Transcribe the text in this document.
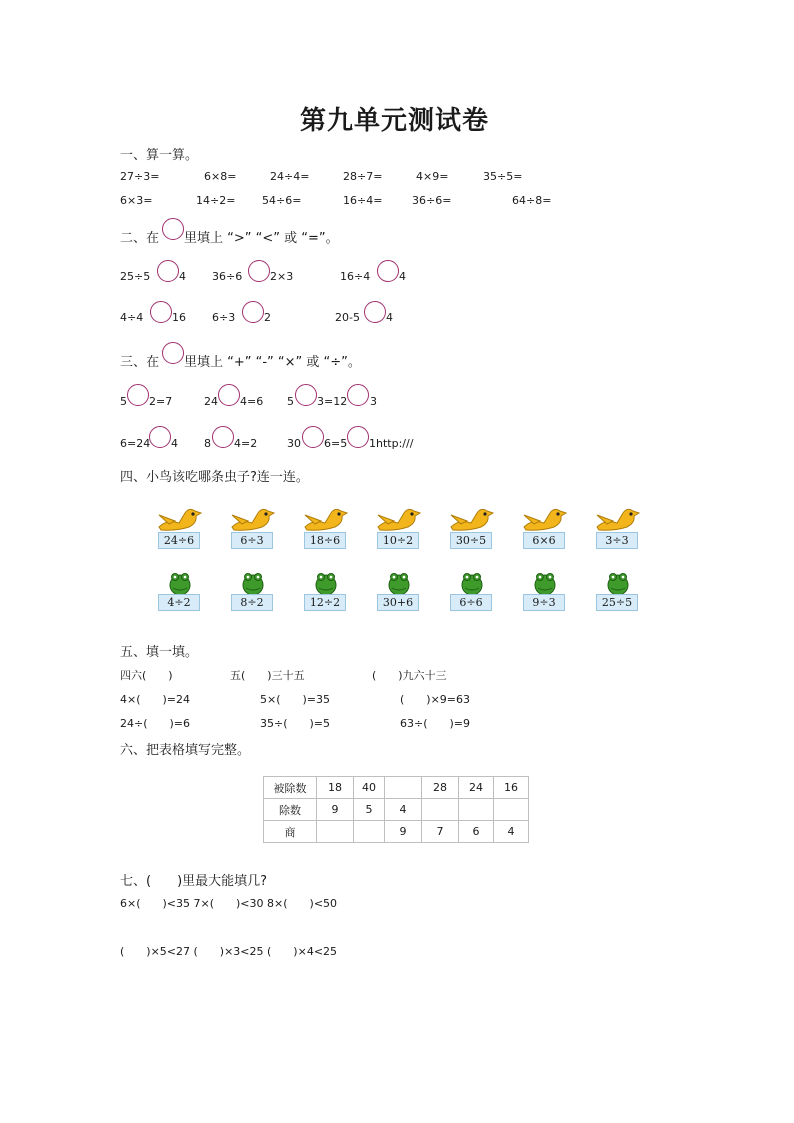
第九单元测试卷
一、算一算。
27÷3=	6×8=	24÷4=	28÷7=	4×9=	35÷5=
6×3=	14÷2= 54÷6=	16÷4=	36÷6=	64÷8=
二、在 里填上 “>” “<” 或 “=”。
25÷5	4 36÷6	2×3	16÷4	4
4÷4	16 6÷3	2	20-5 4
三、在 里填上 “+” “-” “×” 或 “÷”。
5 2=7	24 4=6 5 3=12 3
6=24 4 8 4=2	30 6=5 1http:///
四、小鸟该吃哪条虫子?连一连。
24÷6	6÷3	18÷6	10÷2	30÷5	6×6	3÷3
4÷2	8÷2	12÷2	30+6	6÷6	9÷3	25÷5
五、填一填。
四六(　　)	五(　　)三十五	(　　)九六十三
4×(　　)=24	5×(　　)=35	(　　)×9=63
24÷(　　)=6	35÷(　　)=5	63÷(　　)=9
六、把表格填写完整。
被除数	18	40		28	24	16
除数	9	5	4			
商			9	7	6	4
七、(　　)里最大能填几?
6×(　　)<35 7×(　　)<30 8×(　　)<50
(　　)×5<27 (　　)×3<25 (　　)×4<25
